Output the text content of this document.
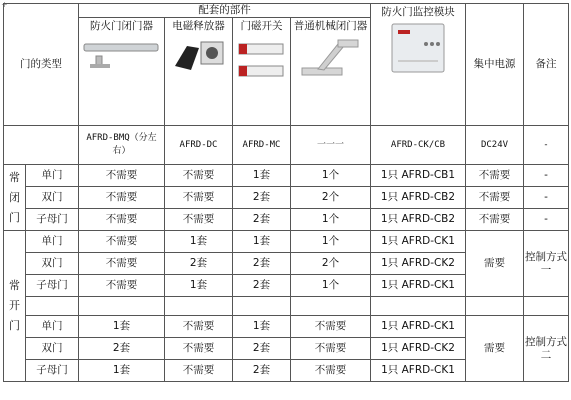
+
门的类型		配套的部件				防火门监控模块	集中电源	备注

		防火门闭门器	电磁释放器	门磁开关	普通机械闭门器			

		AFRD-BMQ（分左右）	AFRD-DC	AFRD-MC	一一一	AFRD-CK/CB	DC24V	-
常闭门	单门	不需要	不需要	1套	1个	1只 AFRD-CB1	不需要	-
	双门	不需要	不需要	2套	2个	1只 AFRD-CB2	不需要	-
	子母门	不需要	不需要	2套	1个	1只 AFRD-CB2	不需要	-
常开门	单门	不需要	1套	1套	1个	1只 AFRD-CK1	需要	控制方式一
	双门	不需要	2套	2套	2个	1只 AFRD-CK2		
	子母门	不需要	1套	2套	1个	1只 AFRD-CK1		

	单门	1套	不需要	1套	不需要	1只 AFRD-CK1	需要	控制方式二
	双门	2套	不需要	2套	不需要	1只 AFRD-CK2		
	子母门	1套	不需要	2套	不需要	1只 AFRD-CK1		
